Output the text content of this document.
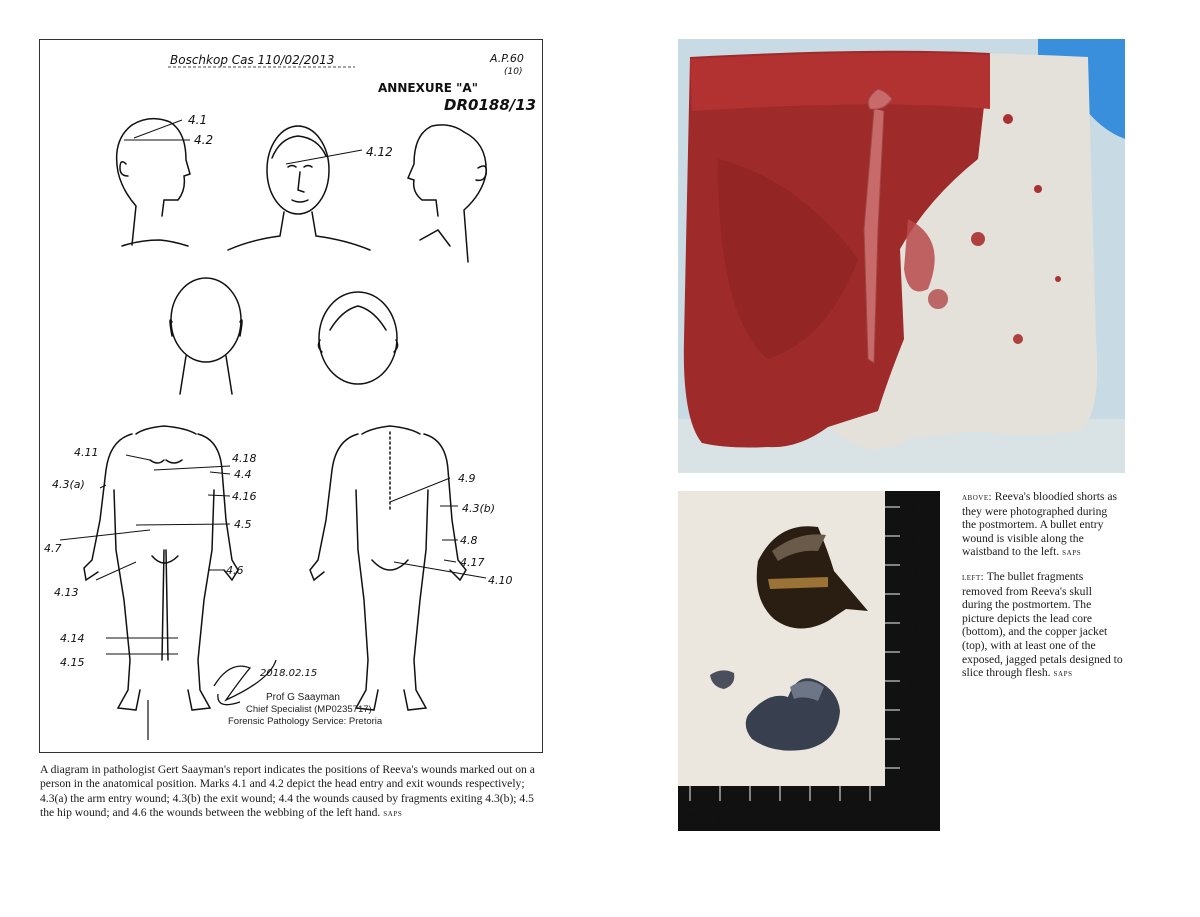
Boschkop Cas 110/02/2013	A.P.60
(10)
ANNEXURE "A"
DR0188/13
4.1
4.2
4.12
4.11	4.18
4.4
4.3(a)
4.16
4.5
4.7
4.6
4.13
4.14
4.15
4.9
4.3(b)
4.8
4.17
4.10
2018.02.15
Prof G Saayman
Chief Specialist (MP0235717)
Forensic Pathology Service: Pretoria
A diagram in pathologist Gert Saayman's report indicates the positions of Reeva's wounds marked out on a person in the anatomical position. Marks 4.1 and 4.2 depict the head entry and exit wounds respectively; 4.3(a) the arm entry wound; 4.3(b) the exit wound; 4.4 the wounds caused by fragments exiting 4.3(b); 4.5 the hip wound; and 4.6 the wounds between the webbing of the left hand. saps
45
40
35
30
25
20
15
10
5
0
30 25 20 15 10 5 0

above: Reeva's bloodied shorts as they were photographed during the postmortem. A bullet entry wound is visible along the waistband to the left. saps

left: The bullet fragments removed from Reeva's skull during the postmortem. The picture depicts the lead core (bottom), and the copper jacket (top), with at least one of the exposed, jagged petals designed to slice through flesh. saps
